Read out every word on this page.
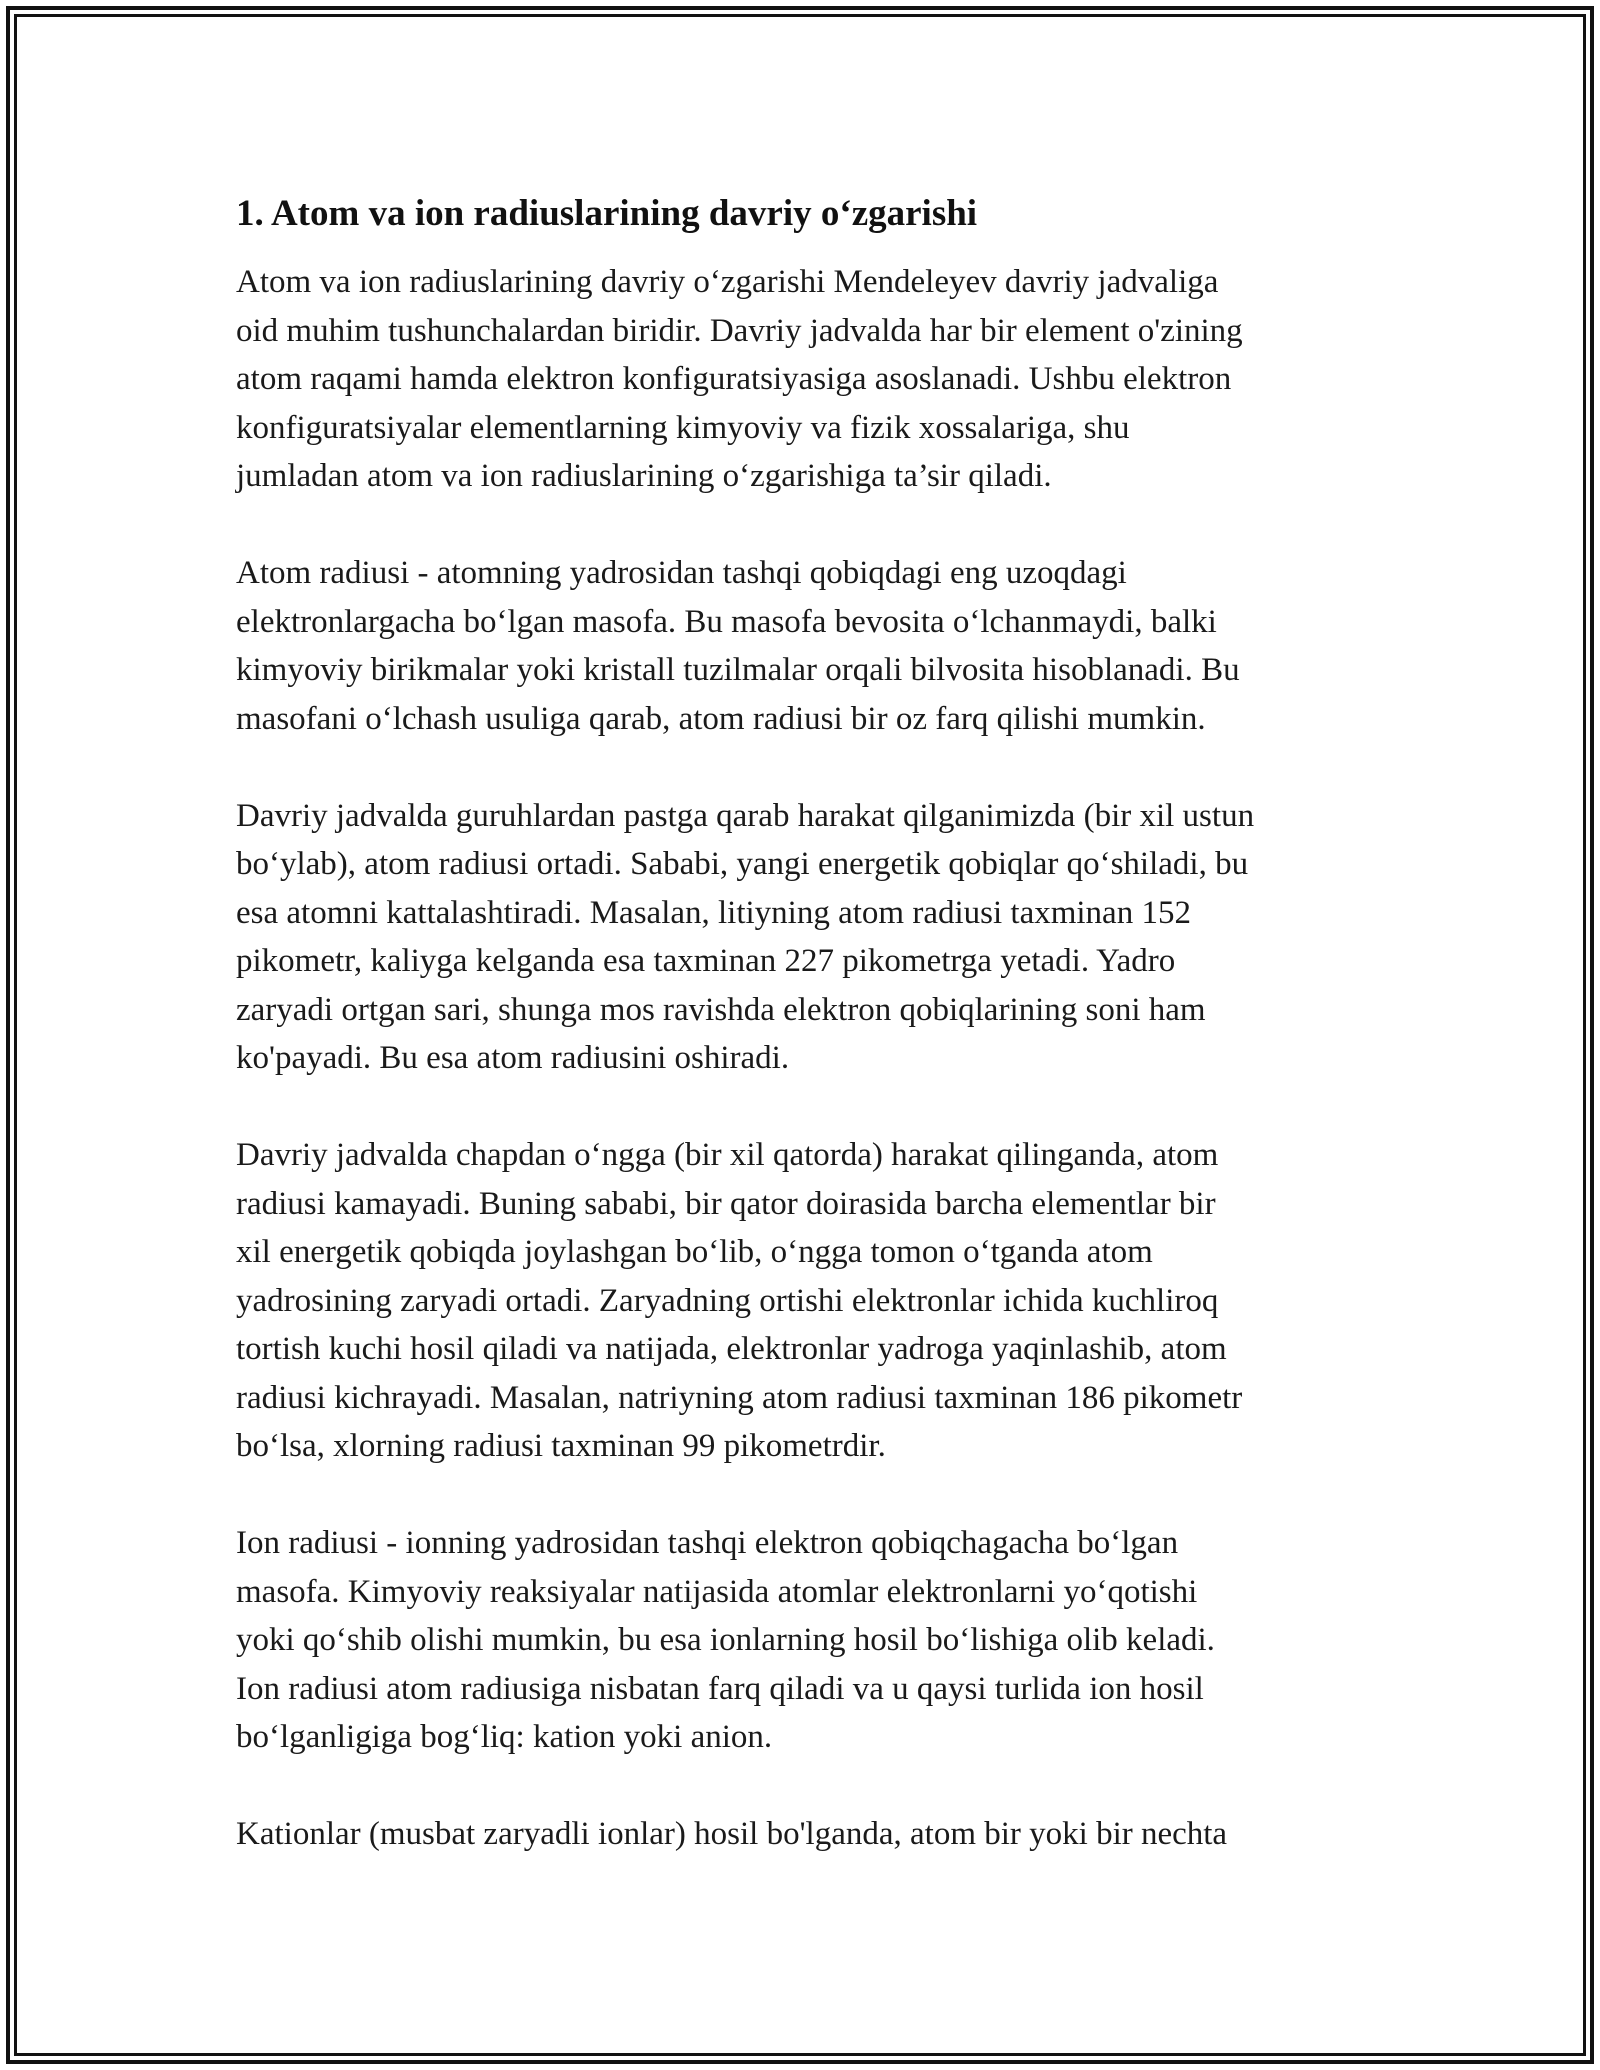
1. Atom va ion radiuslarining davriy o‘zgarishi

Atom va ion radiuslarining davriy o‘zgarishi Mendeleyev davriy jadvaliga
oid muhim tushunchalardan biridir. Davriy jadvalda har bir element o'zining
atom raqami hamda elektron konfiguratsiyasiga asoslanadi. Ushbu elektron
konfiguratsiyalar elementlarning kimyoviy va fizik xossalariga, shu
jumladan atom va ion radiuslarining o‘zgarishiga ta’sir qiladi.

Atom radiusi - atomning yadrosidan tashqi qobiqdagi eng uzoqdagi
elektronlargacha bo‘lgan masofa. Bu masofa bevosita o‘lchanmaydi, balki
kimyoviy birikmalar yoki kristall tuzilmalar orqali bilvosita hisoblanadi. Bu
masofani o‘lchash usuliga qarab, atom radiusi bir oz farq qilishi mumkin.

Davriy jadvalda guruhlardan pastga qarab harakat qilganimizda (bir xil ustun
bo‘ylab), atom radiusi ortadi. Sababi, yangi energetik qobiqlar qo‘shiladi, bu
esa atomni kattalashtiradi. Masalan, litiyning atom radiusi taxminan 152
pikometr, kaliyga kelganda esa taxminan 227 pikometrga yetadi. Yadro
zaryadi ortgan sari, shunga mos ravishda elektron qobiqlarining soni ham
ko'payadi. Bu esa atom radiusini oshiradi.

Davriy jadvalda chapdan o‘ngga (bir xil qatorda) harakat qilinganda, atom
radiusi kamayadi. Buning sababi, bir qator doirasida barcha elementlar bir
xil energetik qobiqda joylashgan bo‘lib, o‘ngga tomon o‘tganda atom
yadrosining zaryadi ortadi. Zaryadning ortishi elektronlar ichida kuchliroq
tortish kuchi hosil qiladi va natijada, elektronlar yadroga yaqinlashib, atom
radiusi kichrayadi. Masalan, natriyning atom radiusi taxminan 186 pikometr
bo‘lsa, xlorning radiusi taxminan 99 pikometrdir.

Ion radiusi - ionning yadrosidan tashqi elektron qobiqchagacha bo‘lgan
masofa. Kimyoviy reaksiyalar natijasida atomlar elektronlarni yo‘qotishi
yoki qo‘shib olishi mumkin, bu esa ionlarning hosil bo‘lishiga olib keladi.
Ion radiusi atom radiusiga nisbatan farq qiladi va u qaysi turlida ion hosil
bo‘lganligiga bog‘liq: kation yoki anion.

Kationlar (musbat zaryadli ionlar) hosil bo'lganda, atom bir yoki bir nechta
